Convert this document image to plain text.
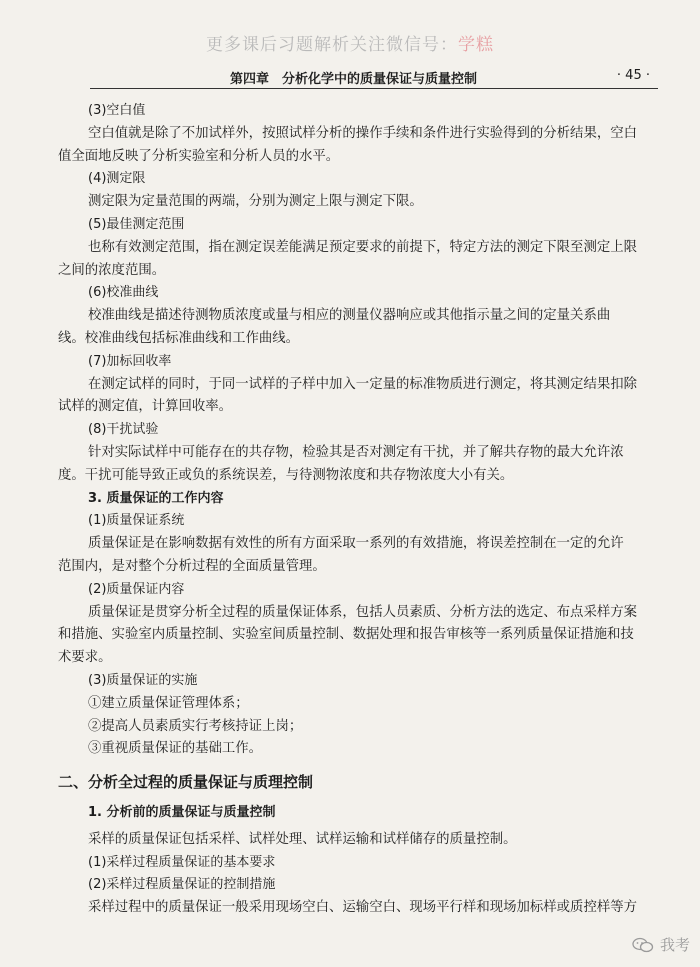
更多课后习题解析关注微信号：学糕
第四章　分析化学中的质量保证与质量控制	· 45 ·
(3)空白值
空白值就是除了不加试样外，按照试样分析的操作手续和条件进行实验得到的分析结果，空白
值全面地反映了分析实验室和分析人员的水平。
(4)测定限
测定限为定量范围的两端，分别为测定上限与测定下限。
(5)最佳测定范围
也称有效测定范围，指在测定误差能满足预定要求的前提下，特定方法的测定下限至测定上限
之间的浓度范围。
(6)校准曲线
校准曲线是描述待测物质浓度或量与相应的测量仪器响应或其他指示量之间的定量关系曲
线。校准曲线包括标准曲线和工作曲线。
(7)加标回收率
在测定试样的同时，于同一试样的子样中加入一定量的标准物质进行测定，将其测定结果扣除
试样的测定值，计算回收率。
(8)干扰试验
针对实际试样中可能存在的共存物，检验其是否对测定有干扰，并了解共存物的最大允许浓
度。干扰可能导致正或负的系统误差，与待测物浓度和共存物浓度大小有关。
3. 质量保证的工作内容
(1)质量保证系统
质量保证是在影响数据有效性的所有方面采取一系列的有效措施，将误差控制在一定的允许
范围内，是对整个分析过程的全面质量管理。
(2)质量保证内容
质量保证是贯穿分析全过程的质量保证体系，包括人员素质、分析方法的选定、布点采样方案
和措施、实验室内质量控制、实验室间质量控制、数据处理和报告审核等一系列质量保证措施和技
术要求。
(3)质量保证的实施
①建立质量保证管理体系；
②提高人员素质实行考核持证上岗；
③重视质量保证的基础工作。
二、分析全过程的质量保证与质理控制
1. 分析前的质量保证与质量控制
采样的质量保证包括采样、试样处理、试样运输和试样储存的质量控制。
(1)采样过程质量保证的基本要求
(2)采样过程质量保证的控制措施
采样过程中的质量保证一般采用现场空白、运输空白、现场平行样和现场加标样或质控样等方
我考
